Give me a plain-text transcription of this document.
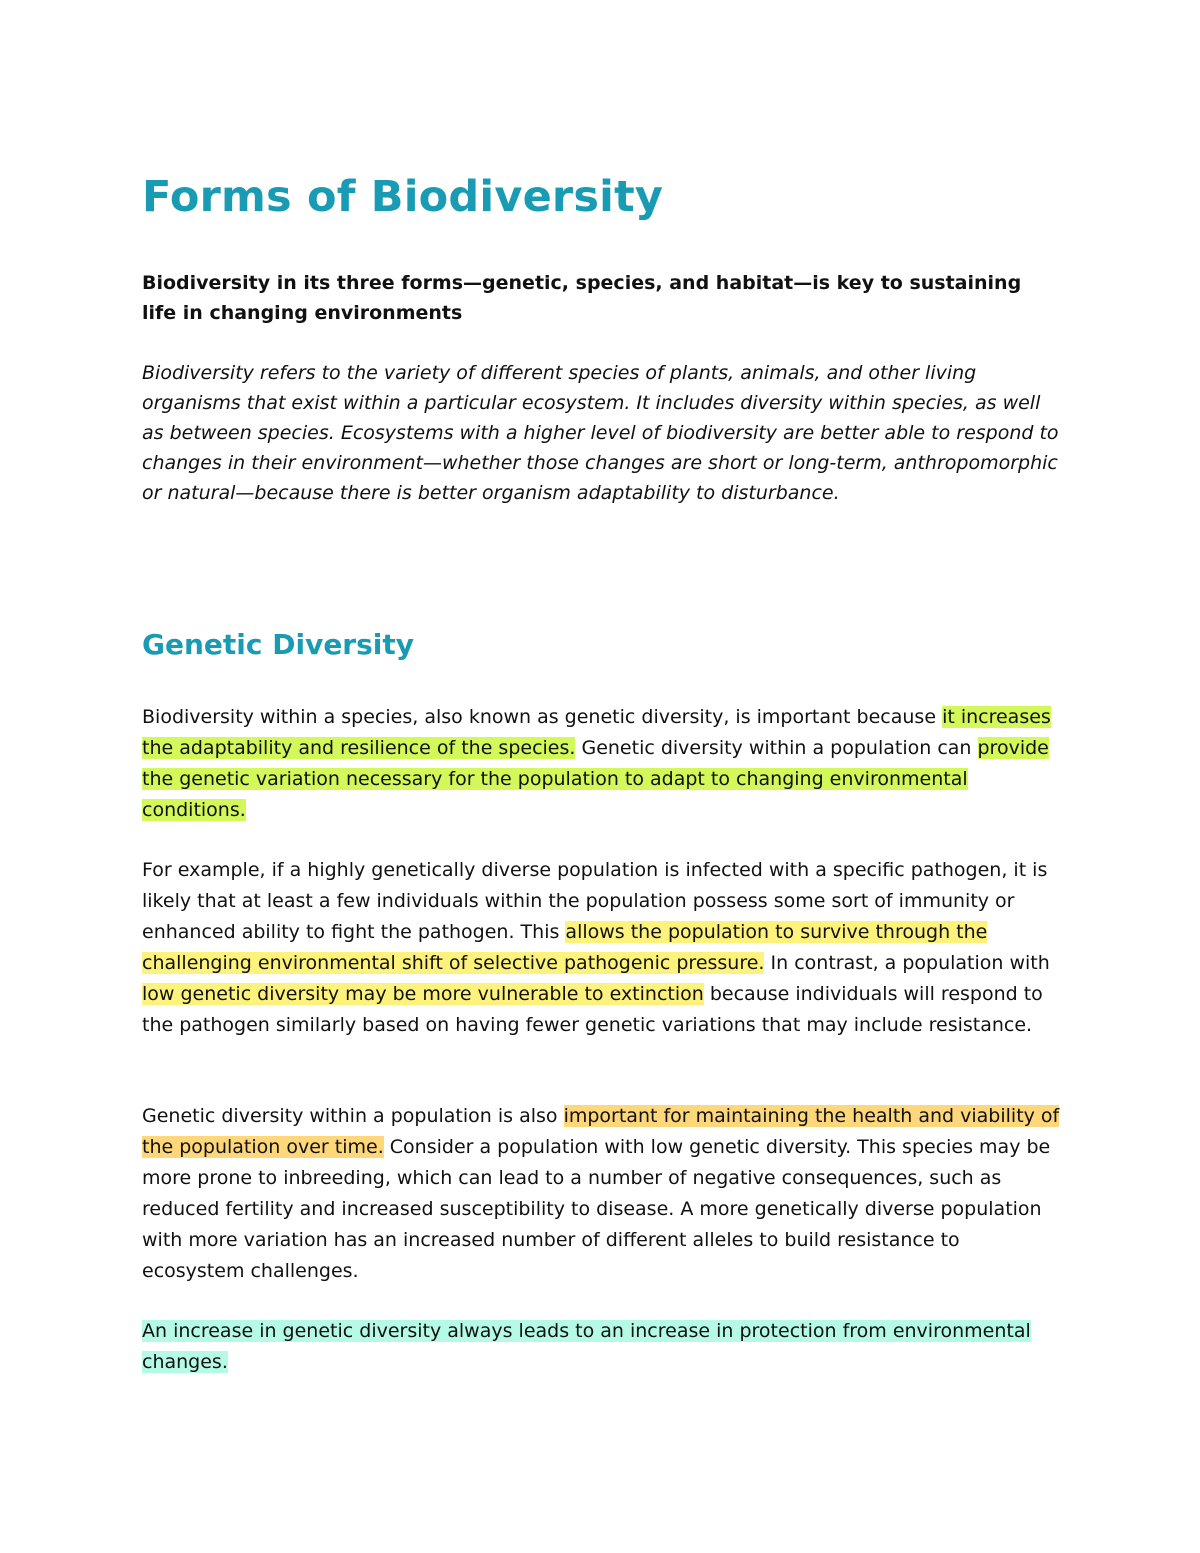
Forms of Biodiversity

Biodiversity in its three forms—genetic, species, and habitat—is key to sustaining life in changing environments

Biodiversity refers to the variety of different species of plants, animals, and other living organisms that exist within a particular ecosystem. It includes diversity within species, as well as between species. Ecosystems with a higher level of biodiversity are better able to respond to changes in their environment—whether those changes are short or long-term, anthropomorphic or natural—because there is better organism adaptability to disturbance.

Genetic Diversity

Biodiversity within a species, also known as genetic diversity, is important because it increases the adaptability and resilience of the species. Genetic diversity within a population can provide the genetic variation necessary for the population to adapt to changing environmental conditions.

For example, if a highly genetically diverse population is infected with a specific pathogen, it is likely that at least a few individuals within the population possess some sort of immunity or enhanced ability to fight the pathogen. This allows the population to survive through the challenging environmental shift of selective pathogenic pressure. In contrast, a population with low genetic diversity may be more vulnerable to extinction because individuals will respond to the pathogen similarly based on having fewer genetic variations that may include resistance.

Genetic diversity within a population is also important for maintaining the health and viability of the population over time. Consider a population with low genetic diversity. This species may be more prone to inbreeding, which can lead to a number of negative consequences, such as reduced fertility and increased susceptibility to disease. A more genetically diverse population with more variation has an increased number of different alleles to build resistance to ecosystem challenges.

An increase in genetic diversity always leads to an increase in protection from environmental changes.
